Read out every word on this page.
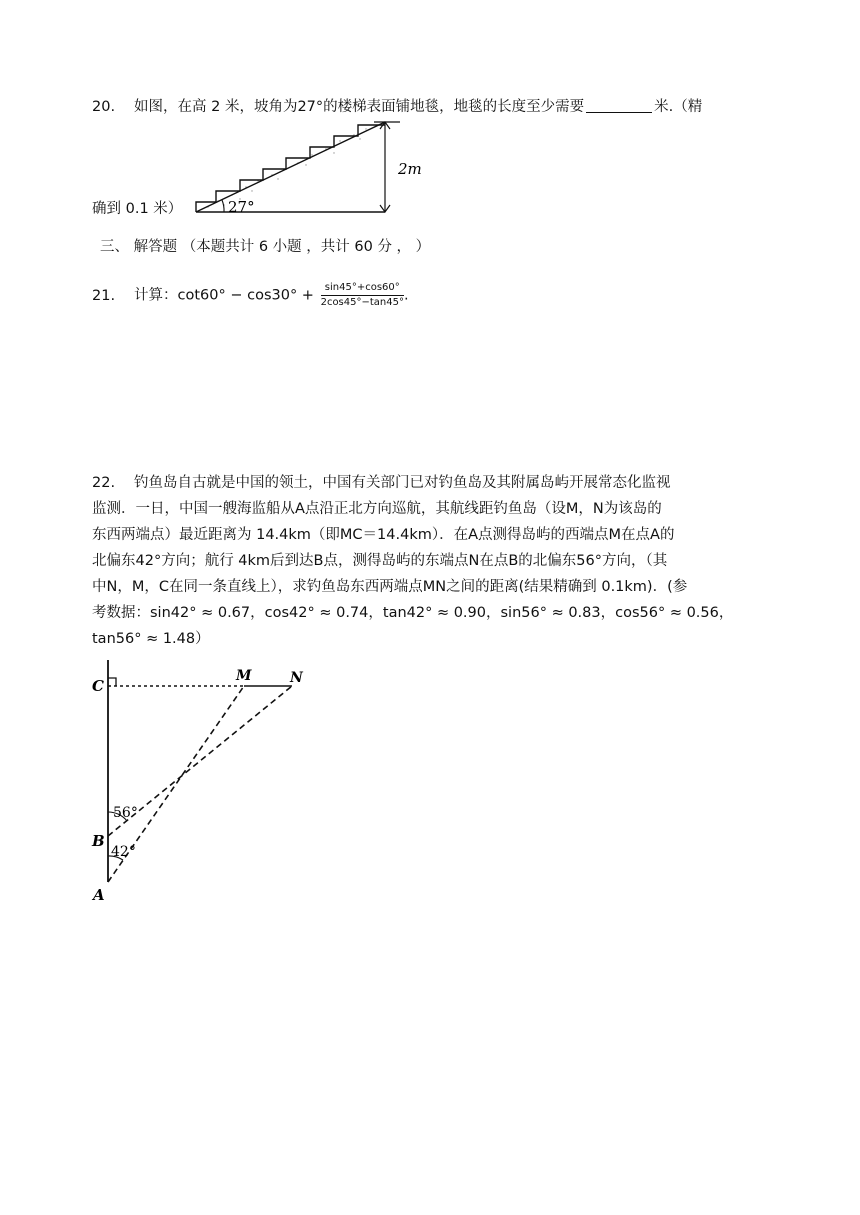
20. 如图，在高 2 米，坡角为27°的楼梯表面铺地毯，地毯的长度至少需要	米.（精
2m
27°
确到 0.1 米）
三、 解答题 （本题共计 6 小题 ，共计 60 分 ， ）
21. 计算：$\cot 60^\circ - \cos 30^\circ + \frac{\sin 45^\circ+\cos 60^\circ}{2\cos 45^\circ-\tan 45^\circ}$ .
22. 钓鱼岛自古就是中国的领土，中国有关部门已对钓鱼岛及其附属岛屿开展常态化监视
监测．一日，中国一艘海监船从A点沿正北方向巡航，其航线距钓鱼岛（设M，N为该岛的
东西两端点）最近距离为 14.4km（即MC＝14.4km）．在A点测得岛屿的西端点M在点A的
北偏东42°方向；航行 4km后到达B点，测得岛屿的东端点N在点B的北偏东56°方向，（其
中N，M，C在同一条直线上），求钓鱼岛东西两端点MN之间的距离(结果精确到 0.1km)．(参
考数据：sin42° ≈ 0.67，cos42° ≈ 0.74，tan42° ≈ 0.90，sin56° ≈ 0.83，cos56° ≈ 0.56，
tan56° ≈ 1.48）
C
M	N
B
A
56°
42°
